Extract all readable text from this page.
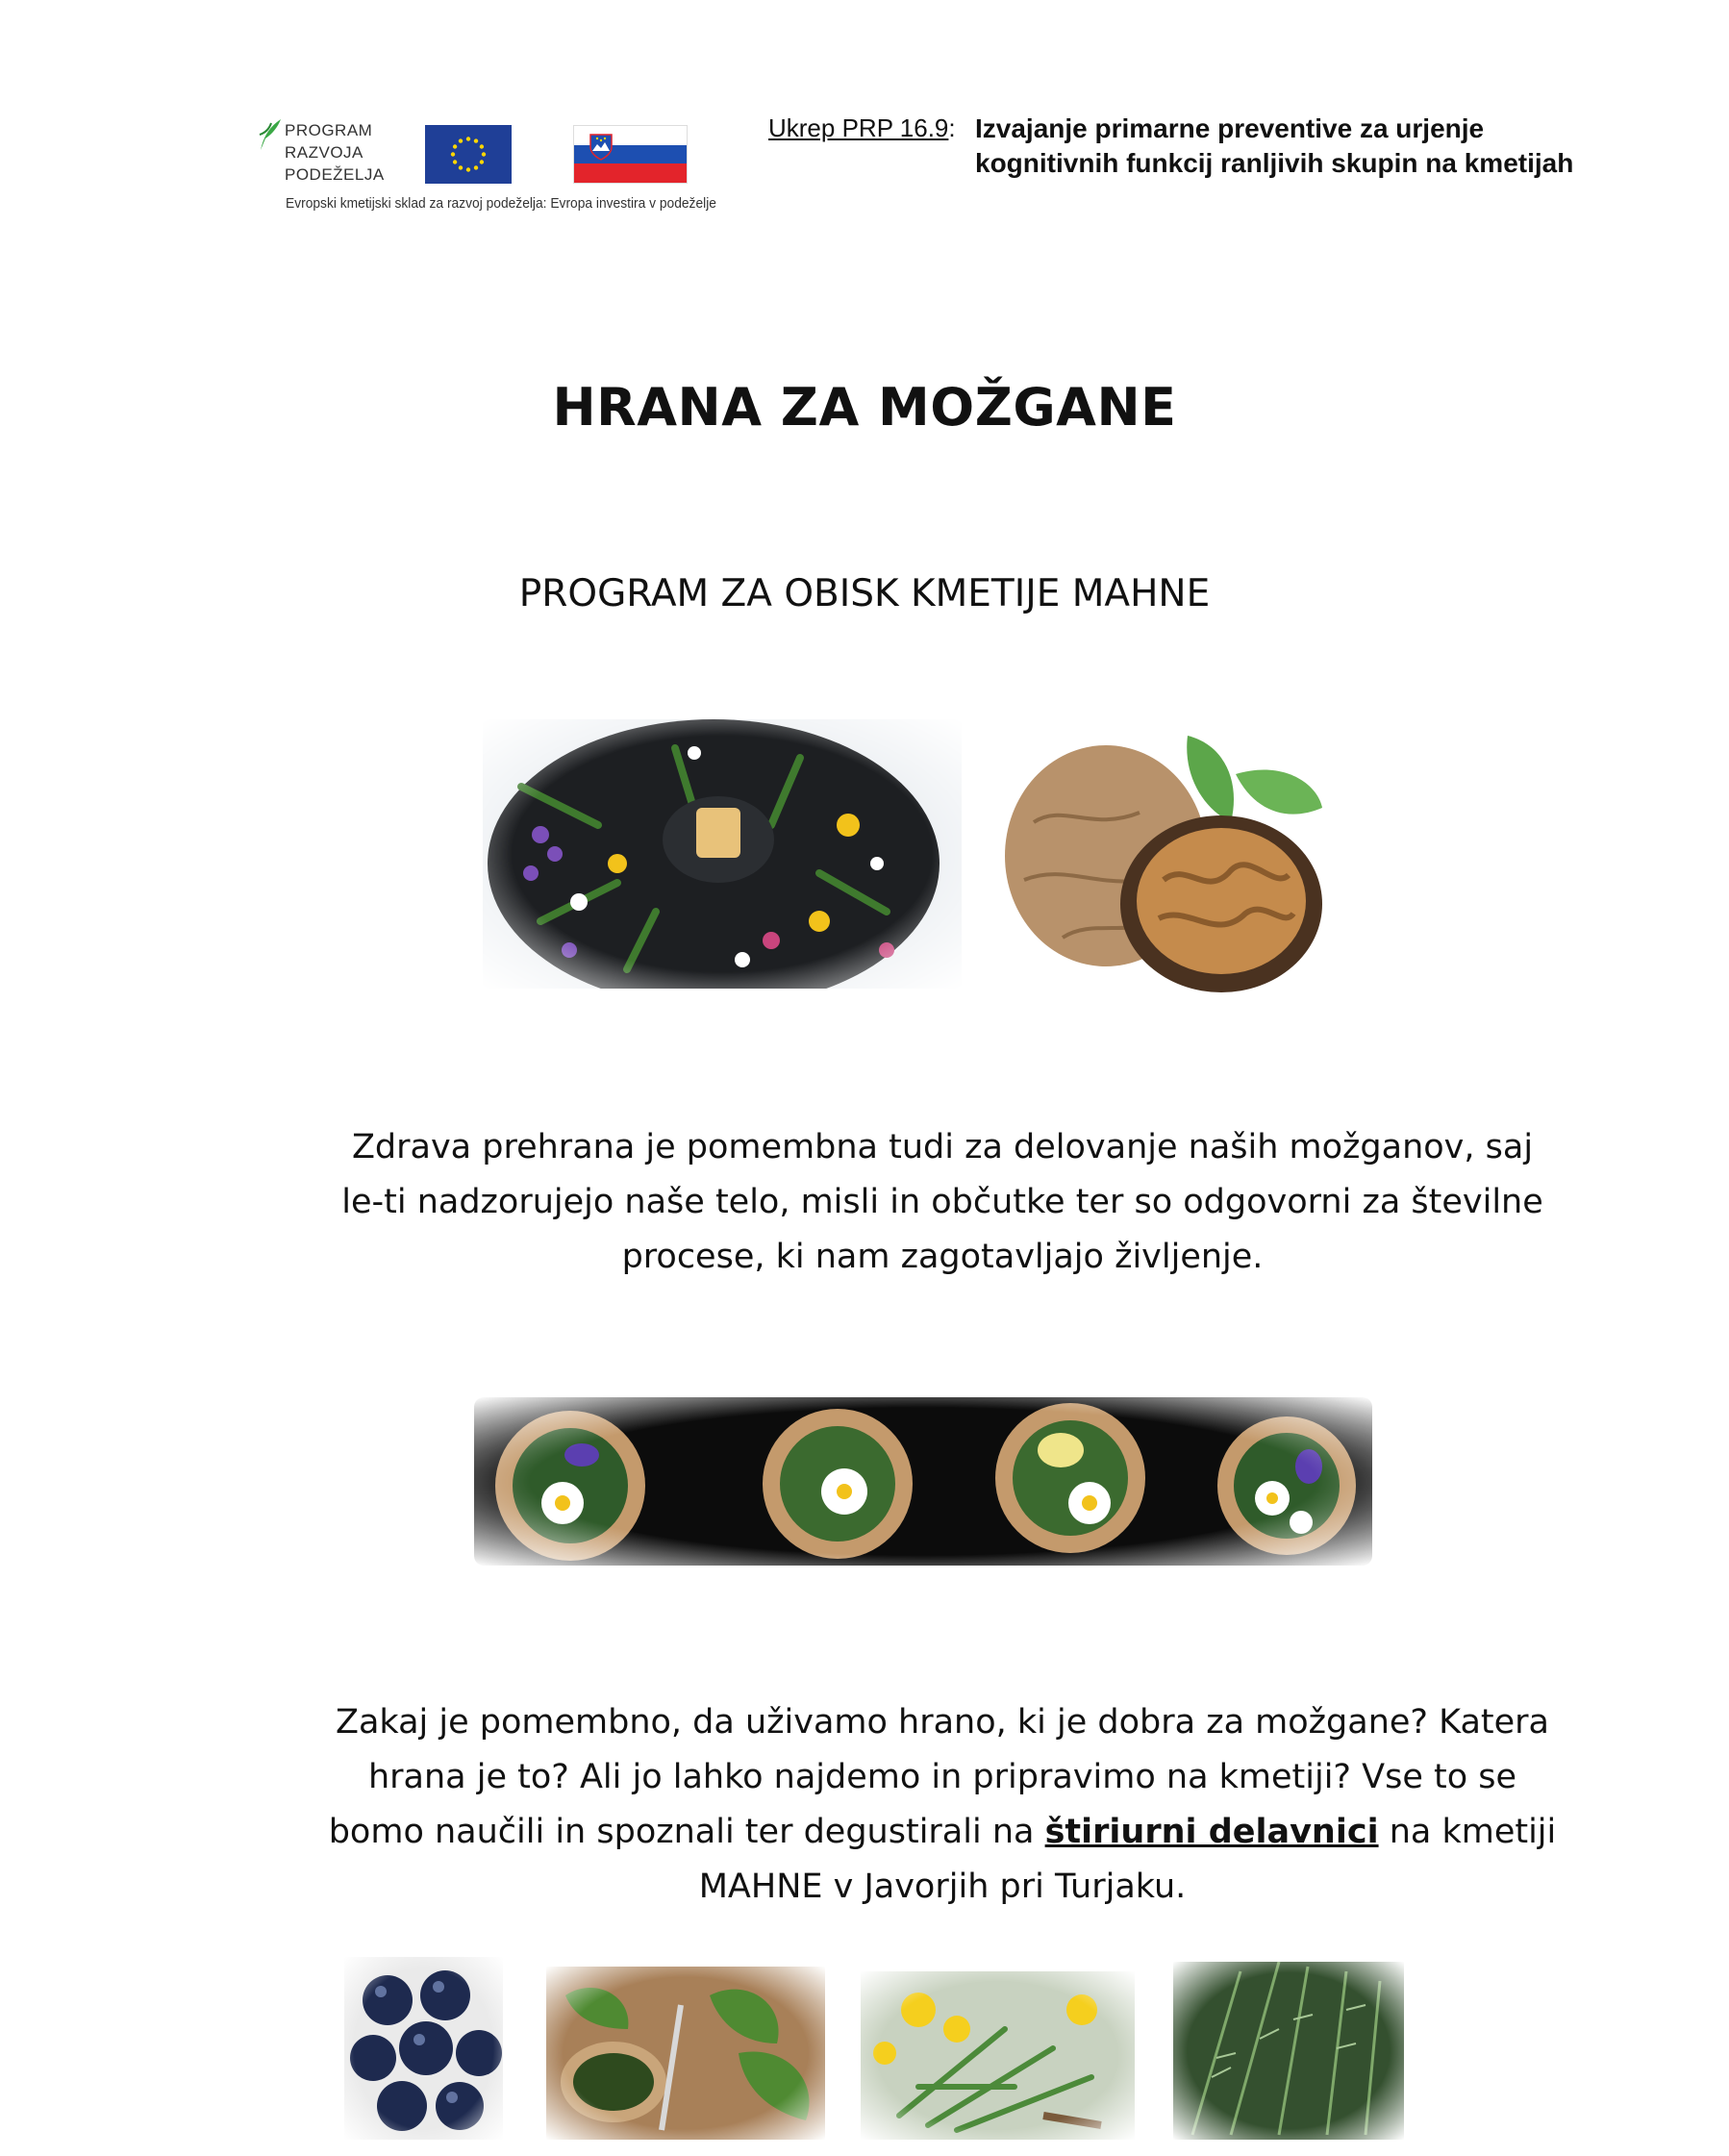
PROGRAM
RAZVOJA
PODEŽELJA
Evropski kmetijski sklad za razvoj podeželja: Evropa investira v podeželje
Ukrep PRP 16.9: Izvajanje primarne preventive za urjenje
kognitivnih funkcij ranljivih skupin na kmetijah
HRANA ZA MOŽGANE
PROGRAM ZA OBISK KMETIJE MAHNE
Zdrava prehrana je pomembna tudi za delovanje naših možganov, saj
le-ti nadzorujejo naše telo, misli in občutke ter so odgovorni za številne
procese, ki nam zagotavljajo življenje.
Zakaj je pomembno, da uživamo hrano, ki je dobra za možgane? Katera
hrana je to? Ali jo lahko najdemo in pripravimo na kmetiji? Vse to se
bomo naučili in spoznali ter degustirali na štiriurni delavnici na kmetiji
MAHNE v Javorjih pri Turjaku.
